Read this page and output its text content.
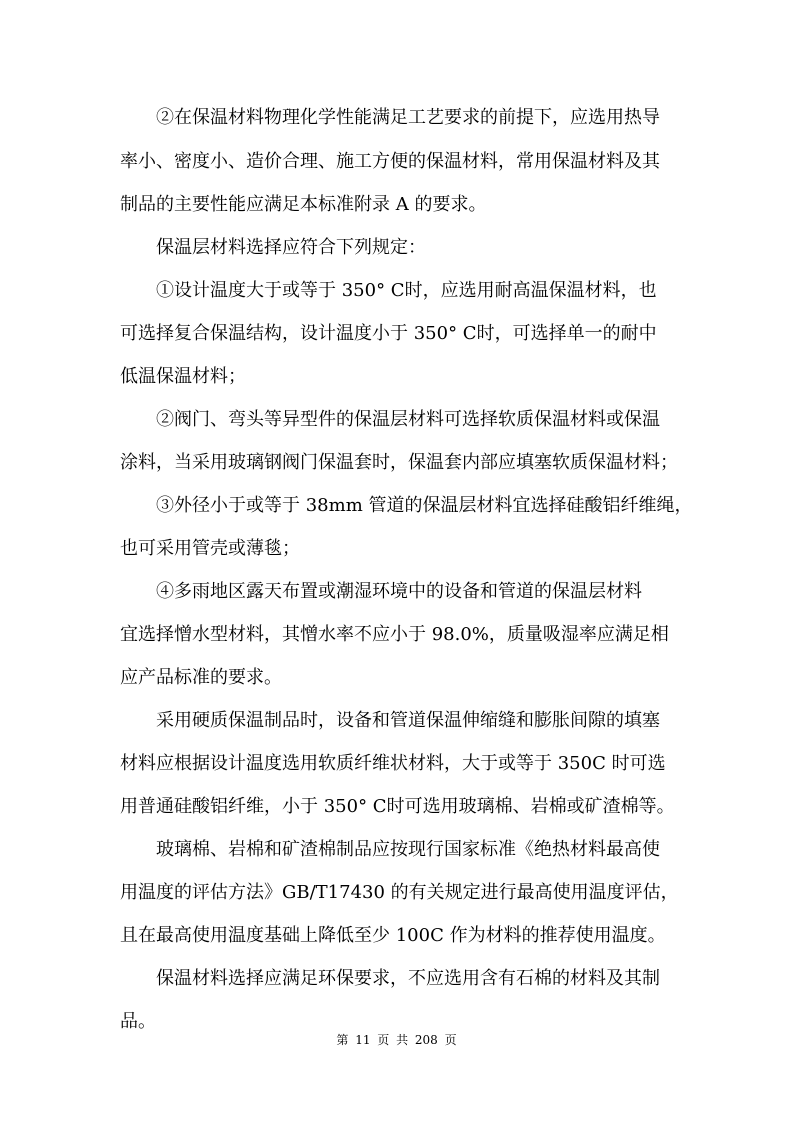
②在保温材料物理化学性能满足工艺要求的前提下，应选用热导
率小、密度小、造价合理、施工方便的保温材料，常用保温材料及其
制品的主要性能应满足本标准附录 A 的要求。
保温层材料选择应符合下列规定：
①设计温度大于或等于 350° C时，应选用耐高温保温材料，也
可选择复合保温结构，设计温度小于 350° C时，可选择单一的耐中
低温保温材料；
②阀门、弯头等异型件的保温层材料可选择软质保温材料或保温
涂料，当采用玻璃钢阀门保温套时，保温套内部应填塞软质保温材料；
③外径小于或等于 38mm 管道的保温层材料宜选择硅酸铝纤维绳，
也可采用管壳或薄毯；
④多雨地区露天布置或潮湿环境中的设备和管道的保温层材料
宜选择憎水型材料，其憎水率不应小于 98.0%，质量吸湿率应满足相
应产品标准的要求。
采用硬质保温制品时，设备和管道保温伸缩缝和膨胀间隙的填塞
材料应根据设计温度选用软质纤维状材料，大于或等于 350C 时可选
用普通硅酸铝纤维，小于 350° C时可选用玻璃棉、岩棉或矿渣棉等。
玻璃棉、岩棉和矿渣棉制品应按现行国家标准《绝热材料最高使
用温度的评估方法》GB/T17430 的有关规定进行最高使用温度评估，
且在最高使用温度基础上降低至少 100C 作为材料的推荐使用温度。
保温材料选择应满足环保要求，不应选用含有石棉的材料及其制
品。
第 11 页 共 208 页
